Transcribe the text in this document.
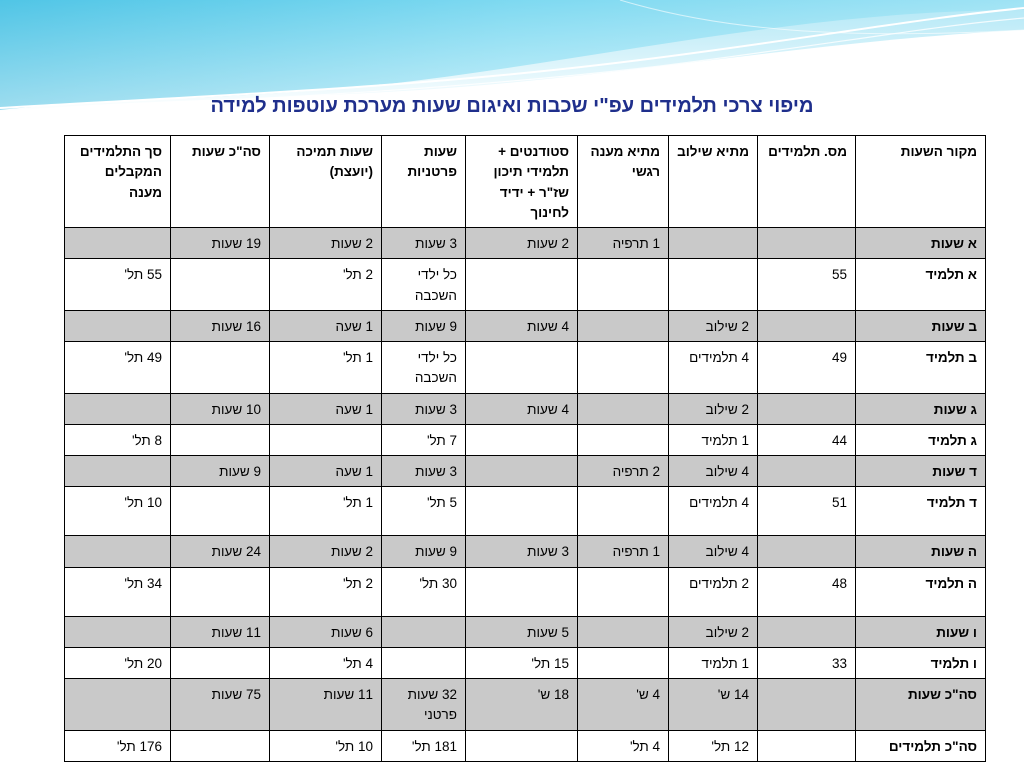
מיפוי צרכי תלמידים עפ"י שכבות ואיגום שעות מערכת עוטפות למידה
מקור השעות	מס. תלמידים	מתיא שילוב	מתיא מענה רגשי	סטודנטים + תלמידי תיכון שז"ר + ידיד לחינוך	שעות פרטניות	שעות תמיכה (יועצת)	סה"כ שעות	סך התלמידים המקבלים מענה
א שעות			1 תרפיה	2 שעות	3 שעות	2 שעות	19 שעות	
א תלמיד	55				כל ילדי השכבה	2 תל'		55 תל'
ב שעות		2 שילוב		4 שעות	9 שעות	1 שעה	16 שעות	
ב תלמיד	49	4 תלמידים			כל ילדי השכבה	1 תל'		49 תל'
ג שעות		2 שילוב		4 שעות	3 שעות	1 שעה	10 שעות	
ג תלמיד	44	1 תלמיד			7 תל'			8 תל'
ד שעות		4 שילוב	2 תרפיה		3 שעות	1 שעה	9 שעות	
ד תלמיד	51	4 תלמידים			5 תל'	1 תל'		10 תל'
ה שעות		4 שילוב	1 תרפיה	3 שעות	9 שעות	2 שעות	24 שעות	
ה תלמיד	48	2 תלמידים			30 תל'	2 תל'		34 תל'
ו שעות		2 שילוב		5 שעות		6 שעות	11 שעות	
ו תלמיד	33	1 תלמיד		15 תל'		4 תל'		20 תל'
סה"כ שעות		14 ש'	4 ש'	18 ש'	32 שעות פרטני	11 שעות	75 שעות	
סה"כ תלמידים		12 תל'	4 תל'		181 תל'	10 תל'		176 תל'
